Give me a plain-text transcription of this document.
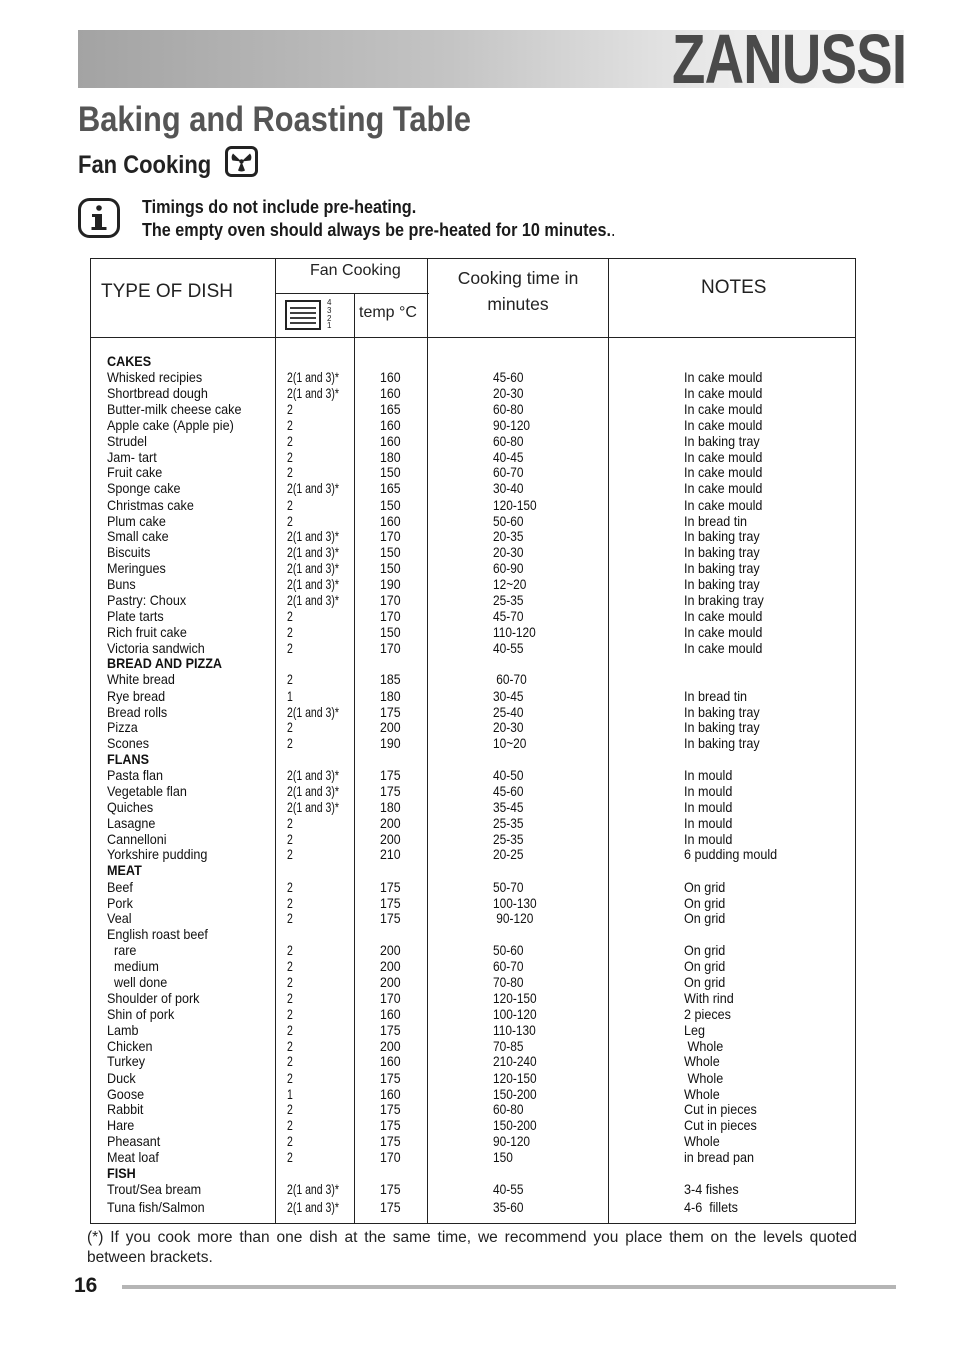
ZANUSSI
Baking and Roasting Table
Fan Cooking
Timings do not include pre-heating.
The empty oven should always be pre-heated for 10 minutes..
TYPE OF DISH
Fan Cooking
4
3
2
1
temp °C
Cooking time in
minutes
NOTES
CAKES
Whisked recipies	2(1 and 3)*	160	45-60	In cake mould
Shortbread dough	2(1 and 3)*	160	20-30	In cake mould
Butter-milk cheese cake	2	165	60-80	In cake mould
Apple cake (Apple pie)	2	160	90-120	In cake mould
Strudel	2	160	60-80	In baking tray
Jam- tart	2	180	40-45	In cake mould
Fruit cake	2	150	60-70	In cake mould
Sponge cake	2(1 and 3)*	165	30-40	In cake mould
Christmas cake	2	150	120-150	In cake mould
Plum cake	2	160	50-60	In bread tin
Small cake	2(1 and 3)*	170	20-35	In baking tray
Biscuits	2(1 and 3)*	150	20-30	In baking tray
Meringues	2(1 and 3)*	150	60-90	In baking tray
Buns	2(1 and 3)*	190	12~20	In baking tray
Pastry: Choux	2(1 and 3)*	170	25-35	In braking tray
Plate tarts	2	170	45-70	In cake mould
Rich fruit cake	2	150	110-120	In cake mould
Victoria sandwich	2	170	40-55	In cake mould
BREAD AND PIZZA
White bread	2	185	60-70
Rye bread	1	180	30-45	In bread tin
Bread rolls	2(1 and 3)*	175	25-40	In baking tray
Pizza	2	200	20-30	In baking tray
Scones	2	190	10~20	In baking tray
FLANS
Pasta flan	2(1 and 3)*	175	40-50	In mould
Vegetable flan	2(1 and 3)*	175	45-60	In mould
Quiches	2(1 and 3)*	180	35-45	In mould
Lasagne	2	200	25-35	In mould
Cannelloni	2	200	25-35	In mould
Yorkshire pudding	2	210	20-25	6 pudding mould
MEAT
Beef	2	175	50-70	On grid
Pork	2	175	100-130	On grid
Veal	2	175	90-120	On grid
English roast beef
rare	2	200	50-60	On grid
medium	2	200	60-70	On grid
well done	2	200	70-80	On grid
Shoulder of pork	2	170	120-150	With rind
Shin of pork	2	160	100-120	2 pieces
Lamb	2	175	110-130	Leg
Chicken	2	200	70-85	Whole
Turkey	2	160	210-240	Whole
Duck	2	175	120-150	Whole
Goose	1	160	150-200	Whole
Rabbit	2	175	60-80	Cut in pieces
Hare	2	175	150-200	Cut in pieces
Pheasant	2	175	90-120	Whole
Meat loaf	2	170	150	in bread pan
FISH
Trout/Sea bream	2(1 and 3)*	175	40-55	3-4 fishes
Tuna fish/Salmon	2(1 and 3)*	175	35-60	4-6  fillets
(*) If you cook more than one dish at the same time, we recommend you place them on the levels quoted between brackets.
16
